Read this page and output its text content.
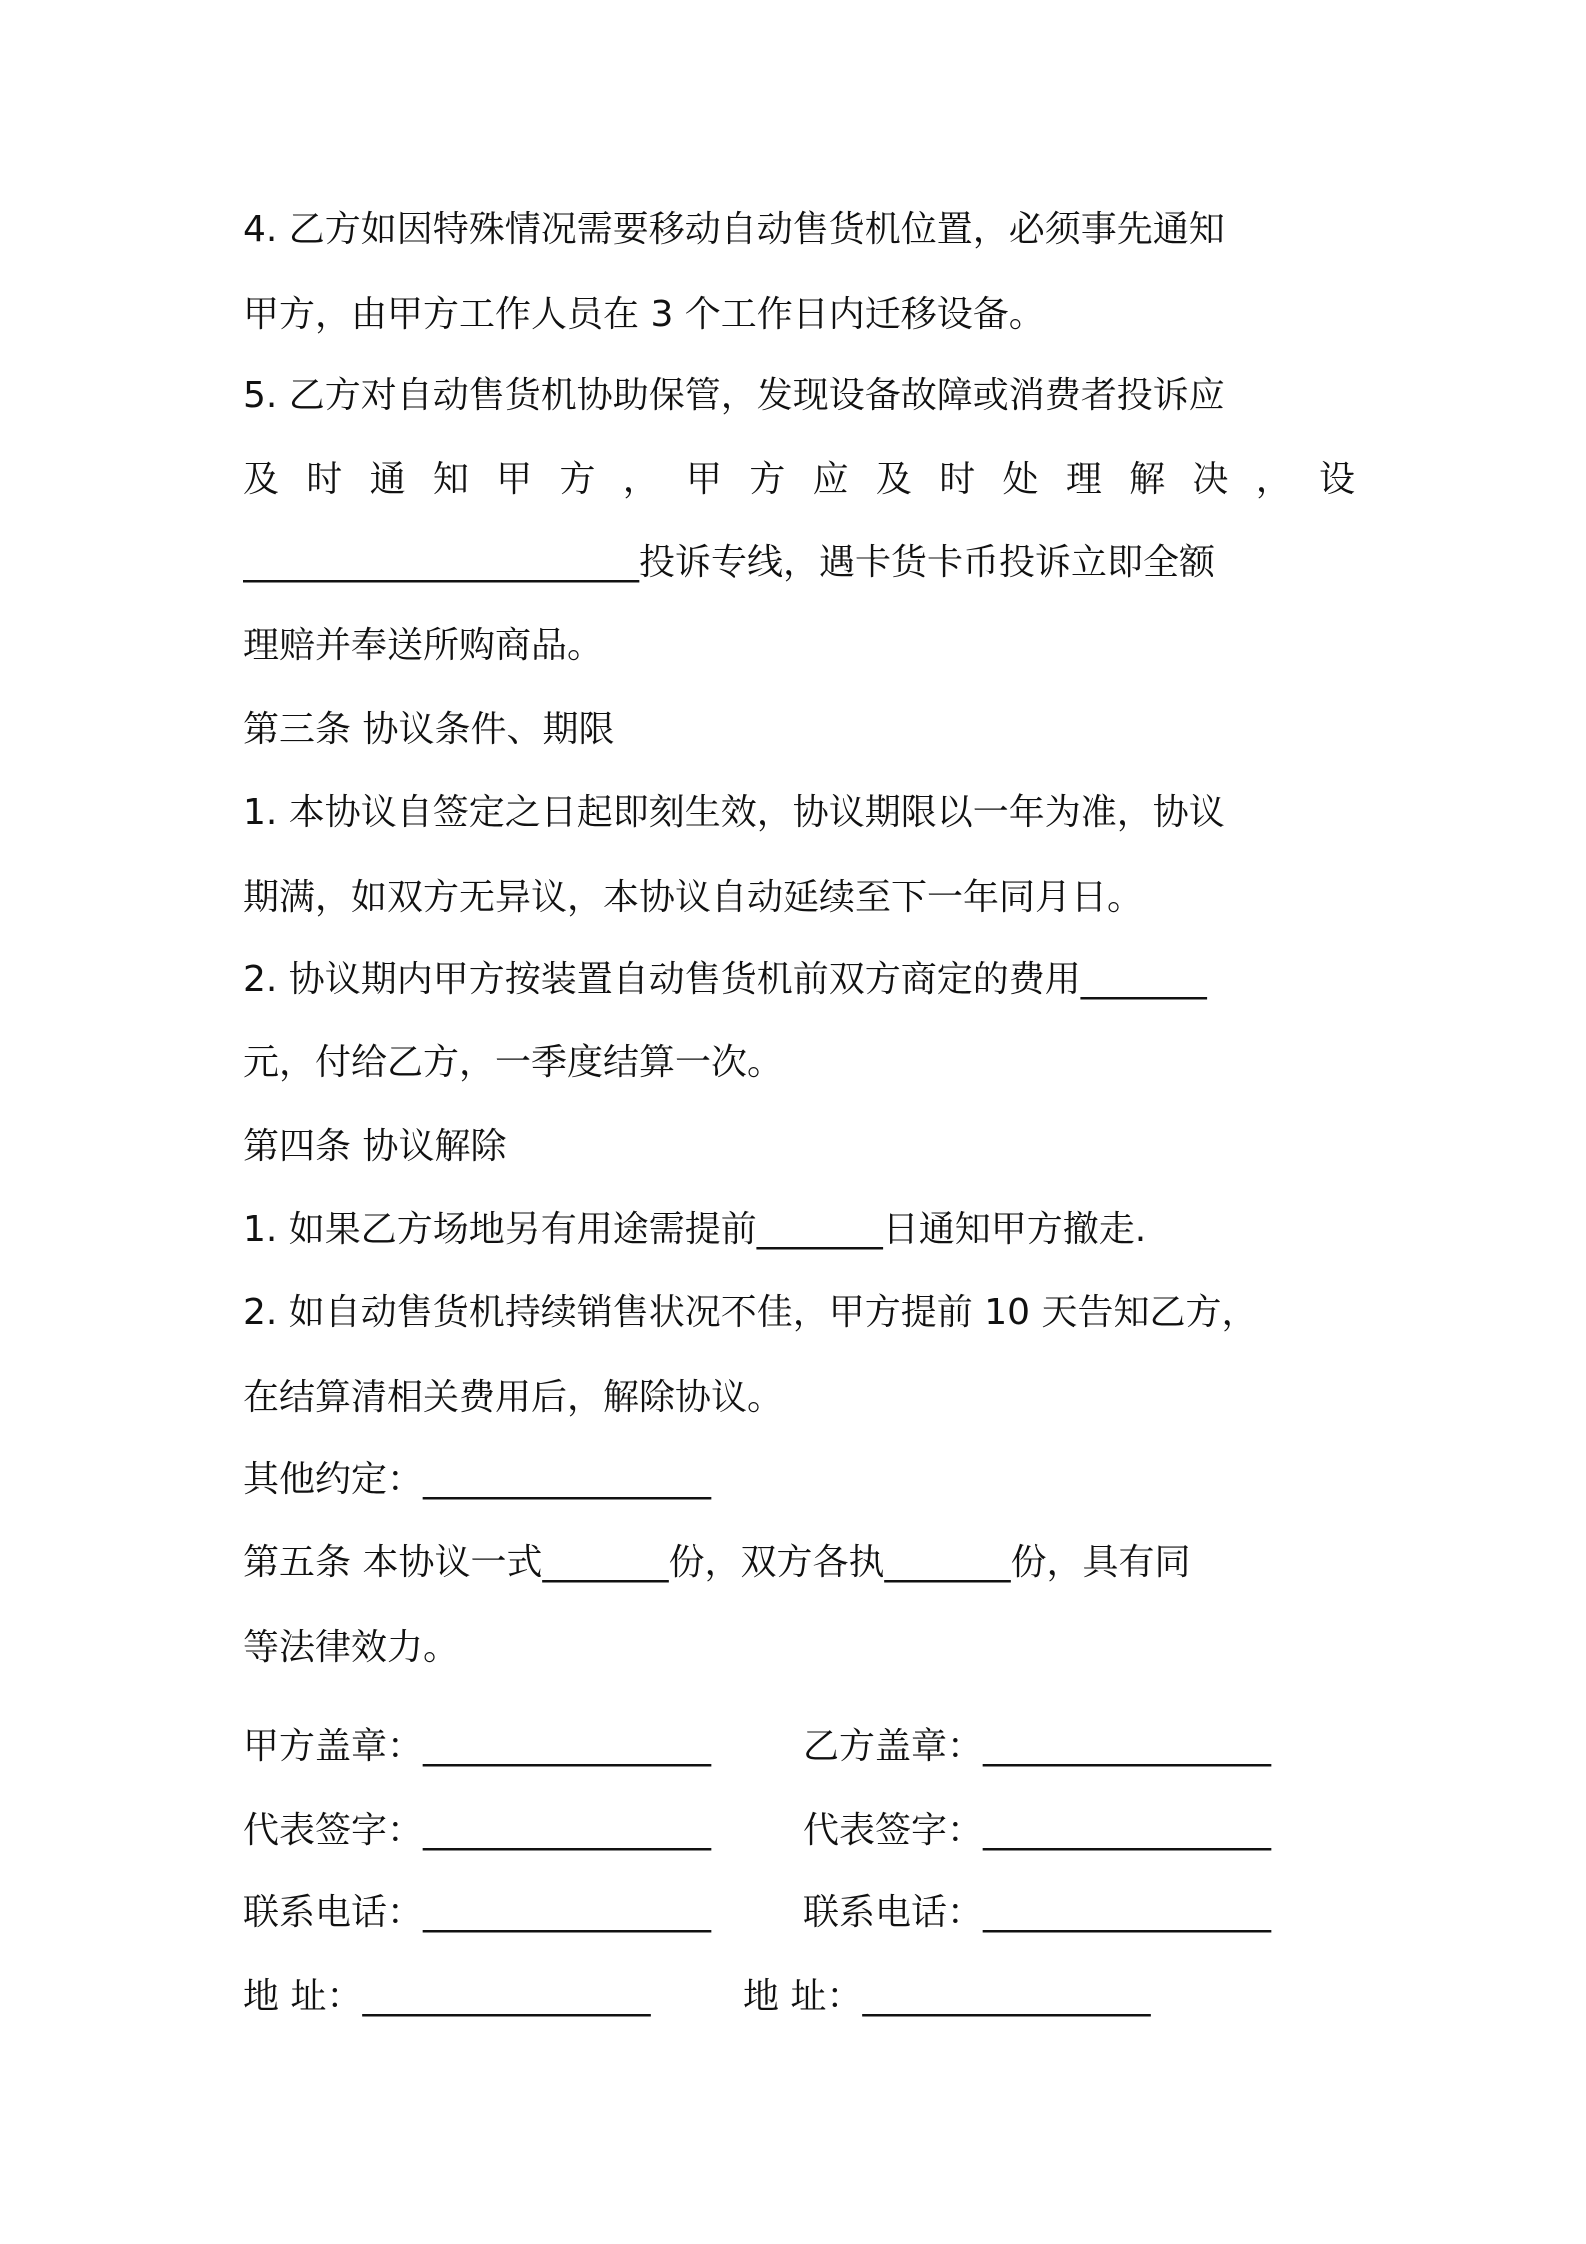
4. 乙方如因特殊情况需要移动自动售货机位置，必须事先通知
甲方，由甲方工作人员在 3 个工作日内迁移设备。
5. 乙方对自动售货机协助保管，发现设备故障或消费者投诉应
及 时 通 知 甲 方 ， 甲 方 应 及 时 处 理 解 决 ， 设
______________________投诉专线，遇卡货卡币投诉立即全额
理赔并奉送所购商品。
第三条 协议条件、期限
1. 本协议自签定之日起即刻生效，协议期限以一年为准，协议
期满，如双方无异议，本协议自动延续至下一年同月日。
2. 协议期内甲方按装置自动售货机前双方商定的费用_______
元，付给乙方，一季度结算一次。
第四条 协议解除
1. 如果乙方场地另有用途需提前_______日通知甲方撤走.
2. 如自动售货机持续销售状况不佳，甲方提前 10 天告知乙方，
在结算清相关费用后，解除协议。
其他约定：________________
第五条 本协议一式_______份，双方各执_______份，具有同
等法律效力。
甲方盖章：________________	乙方盖章：________________
代表签字：________________	代表签字：________________
联系电话：________________	联系电话：________________
地 址：________________	地 址：________________
